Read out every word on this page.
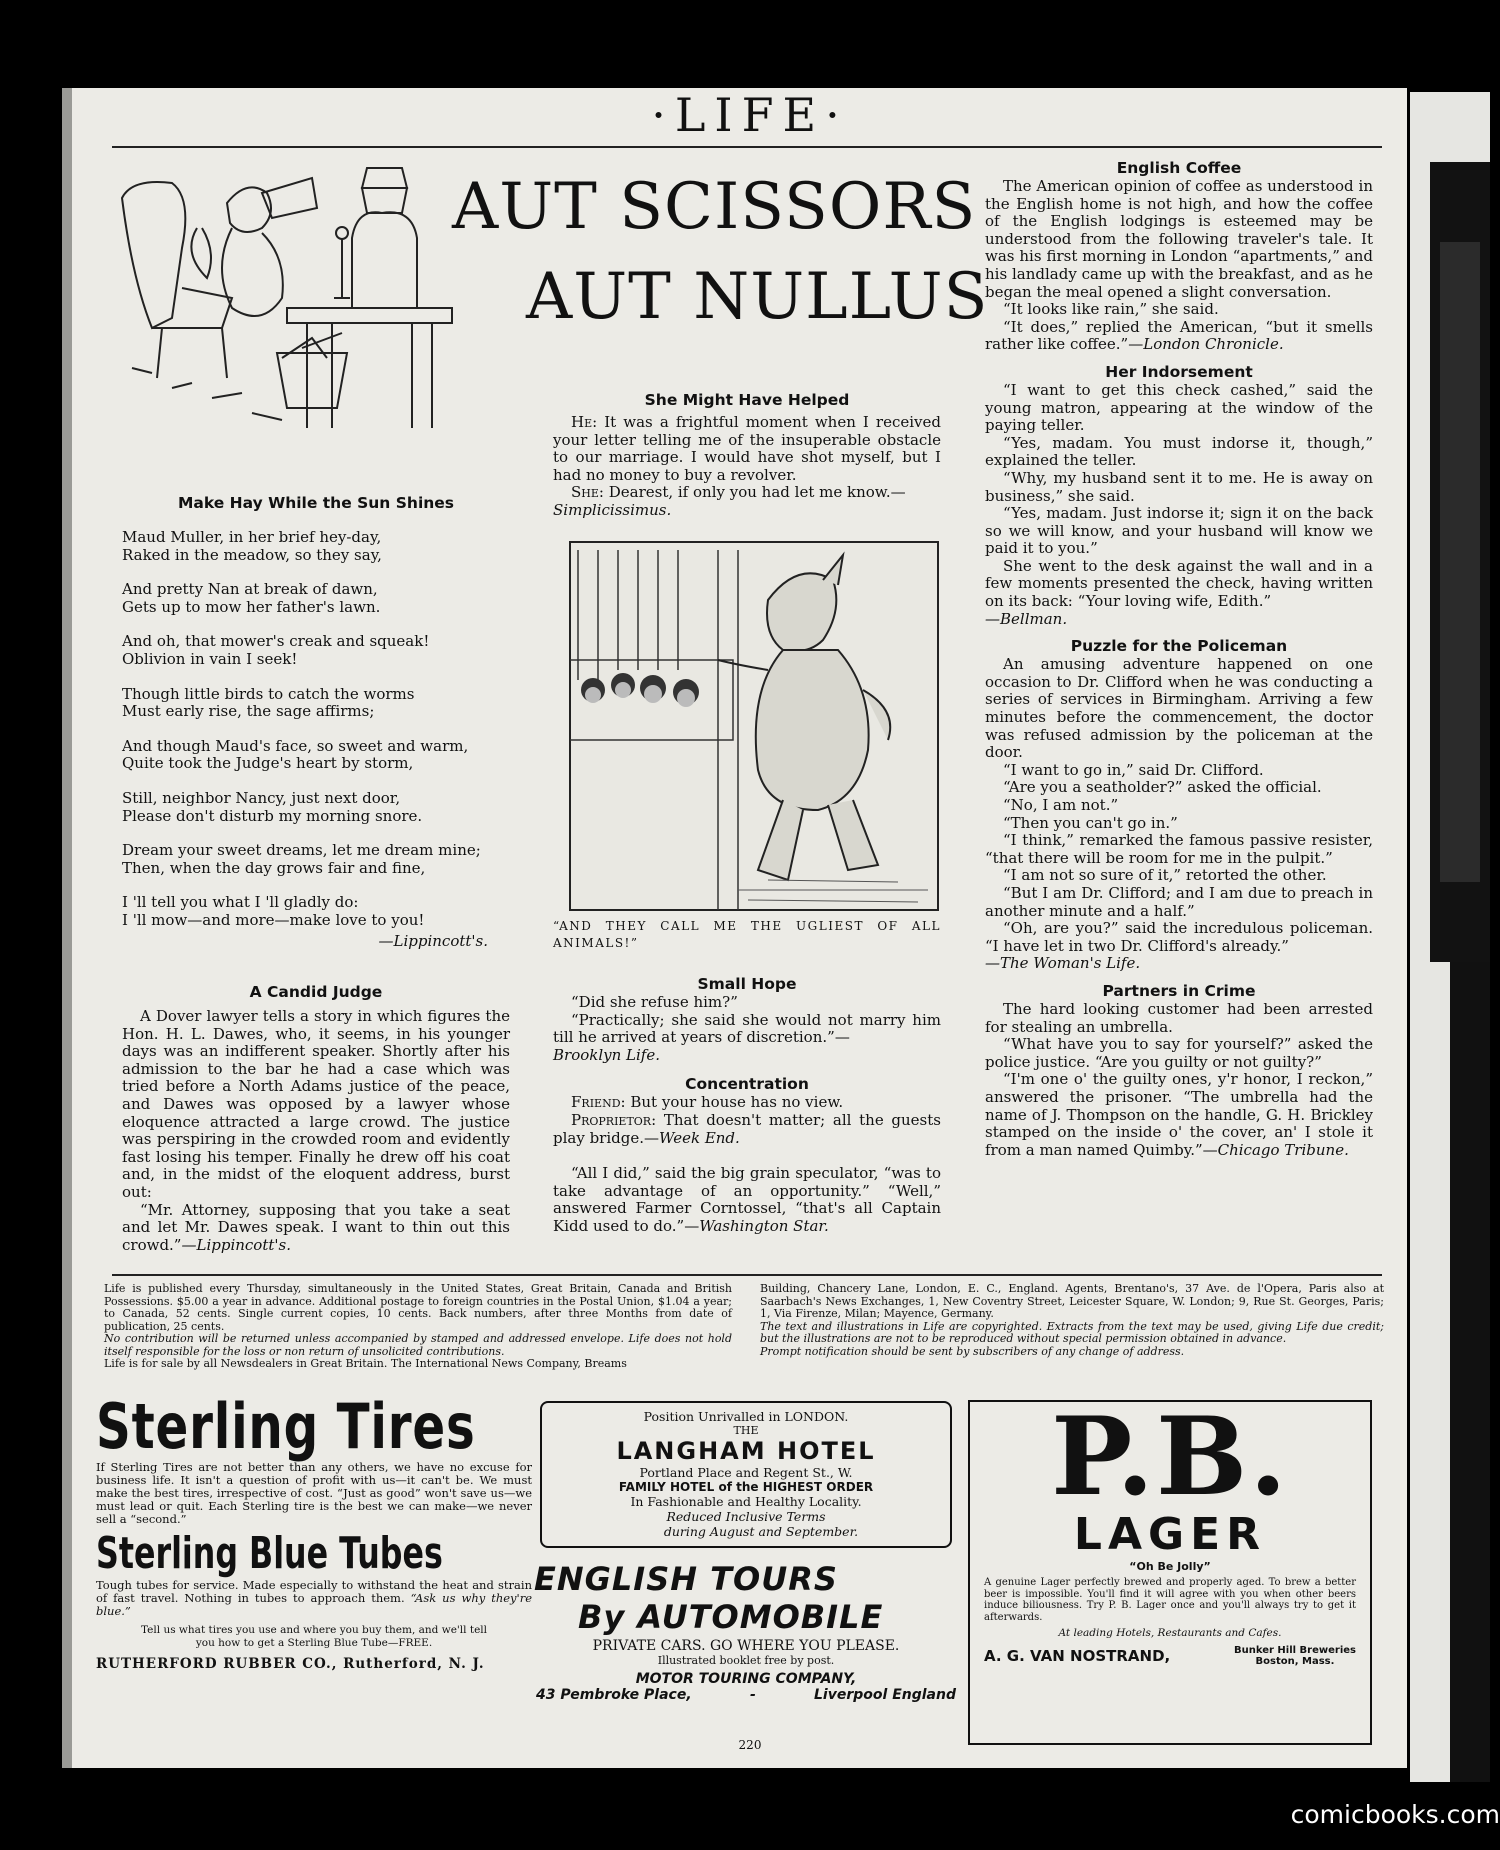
·LIFE·
AUT SCISSORS
AUT NULLUS
Make Hay While the Sun Shines
Maud Muller, in her brief hey-day,
Raked in the meadow, so they say,
And pretty Nan at break of dawn,
Gets up to mow her father's lawn.
And oh, that mower's creak and squeak!
Oblivion in vain I seek!
Though little birds to catch the worms
Must early rise, the sage affirms;
And though Maud's face, so sweet and warm,
Quite took the Judge's heart by storm,
Still, neighbor Nancy, just next door,
Please don't disturb my morning snore.
Dream your sweet dreams, let me dream mine;
Then, when the day grows fair and fine,
I 'll tell you what I 'll gladly do:
I 'll mow—and more—make love to you!
—Lippincott's.
A Candid Judge

A Dover lawyer tells a story in which figures the Hon. H. L. Dawes, who, it seems, in his younger days was an indifferent speaker. Shortly after his admission to the bar he had a case which was tried before a North Adams justice of the peace, and Dawes was opposed by a lawyer whose eloquence attracted a large crowd. The justice was perspiring in the crowded room and evidently fast losing his temper. Finally he drew off his coat and, in the midst of the eloquent address, burst out:

“Mr. Attorney, supposing that you take a seat and let Mr. Dawes speak. I want to thin out this crowd.”—Lippincott's.

She Might Have Helped

He: It was a frightful moment when I received your letter telling me of the insuperable obstacle to our marriage. I would have shot myself, but I had no money to buy a revolver.

She: Dearest, if only you had let me know.—

Simplicissimus.

“AND THEY CALL ME THE UGLIEST OF ALL ANIMALS!”
Small Hope

“Did she refuse him?”

“Practically; she said she would not marry him till he arrived at years of discretion.”—

Brooklyn Life.

Concentration

Friend: But your house has no view.

Proprietor: That doesn't matter; all the guests play bridge.—Week End.

“All I did,” said the big grain speculator, “was to take advantage of an opportunity.” “Well,” answered Farmer Corntossel, “that's all Captain Kidd used to do.”—Washington Star.

English Coffee

The American opinion of coffee as understood in the English home is not high, and how the coffee of the English lodgings is esteemed may be understood from the following traveler's tale. It was his first morning in London “apartments,” and his landlady came up with the breakfast, and as he began the meal opened a slight conversation.

“It looks like rain,” she said.

“It does,” replied the American, “but it smells rather like coffee.”—London Chronicle.

Her Indorsement

“I want to get this check cashed,” said the young matron, appearing at the window of the paying teller.

“Yes, madam. You must indorse it, though,” explained the teller.

“Why, my husband sent it to me. He is away on business,” she said.

“Yes, madam. Just indorse it; sign it on the back so we will know, and your husband will know we paid it to you.”

She went to the desk against the wall and in a few moments presented the check, having written on its back: “Your loving wife, Edith.”

—Bellman.

Puzzle for the Policeman

An amusing adventure happened on one occasion to Dr. Clifford when he was conducting a series of services in Birmingham. Arriving a few minutes before the commencement, the doctor was refused admission by the policeman at the door.

“I want to go in,” said Dr. Clifford.

“Are you a seatholder?” asked the official.

“No, I am not.”

“Then you can't go in.”

“I think,” remarked the famous passive resister, “that there will be room for me in the pulpit.”

“I am not so sure of it,” retorted the other.

“But I am Dr. Clifford; and I am due to preach in another minute and a half.”

“Oh, are you?” said the incredulous policeman. “I have let in two Dr. Clifford's already.”

—The Woman's Life.

Partners in Crime

The hard looking customer had been arrested for stealing an umbrella.

“What have you to say for yourself?” asked the police justice. “Are you guilty or not guilty?”

“I'm one o' the guilty ones, y'r honor, I reckon,” answered the prisoner. “The umbrella had the name of J. Thompson on the handle, G. H. Brickley stamped on the inside o' the cover, an' I stole it from a man named Quimby.”—Chicago Tribune.

Life is published every Thursday, simultaneously in the United States, Great Britain, Canada and British Possessions. $5.00 a year in advance. Additional postage to foreign countries in the Postal Union, $1.04 a year; to Canada, 52 cents. Single current copies, 10 cents. Back numbers, after three Months from date of publication, 25 cents.
No contribution will be returned unless accompanied by stamped and addressed envelope. Life does not hold itself responsible for the loss or non return of unsolicited contributions.
Life is for sale by all Newsdealers in Great Britain. The International News Company, Breams
Building, Chancery Lane, London, E. C., England. Agents, Brentano's, 37 Ave. de l'Opera, Paris also at Saarbach's News Exchanges, 1, New Coventry Street, Leicester Square, W. London; 9, Rue St. Georges, Paris; 1, Via Firenze, Milan; Mayence, Germany.
The text and illustrations in Life are copyrighted. Extracts from the text may be used, giving Life due credit; but the illustrations are not to be reproduced without special permission obtained in advance.
Prompt notification should be sent by subscribers of any change of address.
Sterling Tires
If Sterling Tires are not better than any others, we have no excuse for business life. It isn't a question of profit with us—it can't be. We must make the best tires, irrespective of cost. “Just as good” won't save us—we must lead or quit. Each Sterling tire is the best we can make—we never sell a “second.”
Sterling Blue Tubes
Tough tubes for service. Made especially to withstand the heat and strain of fast travel. Nothing in tubes to approach them. “Ask us why they're blue.”
Tell us what tires you use and where you buy them, and we'll tell you how to get a Sterling Blue Tube—FREE.
RUTHERFORD RUBBER CO., Rutherford, N. J.
Position Unrivalled in LONDON.
THE
LANGHAM HOTEL
Portland Place and Regent St., W.
FAMILY HOTEL of the HIGHEST ORDER
In Fashionable and Healthy Locality.
Reduced Inclusive Terms
during August and September.
ENGLISH TOURS
By AUTOMOBILE
PRIVATE CARS. GO WHERE YOU PLEASE.
Illustrated booklet free by post.
MOTOR TOURING COMPANY,
43 Pembroke Place,	-	Liverpool England
P.B.
LAGER
“Oh Be Jolly”
A genuine Lager perfectly brewed and properly aged. To brew a better beer is impossible. You'll find it will agree with you when other beers induce biliousness. Try P. B. Lager once and you'll always try to get it afterwards.
At leading Hotels, Restaurants and Cafes.
A. G. VAN NOSTRAND,	Bunker Hill Breweries
Boston, Mass.
220
comicbooks.com
